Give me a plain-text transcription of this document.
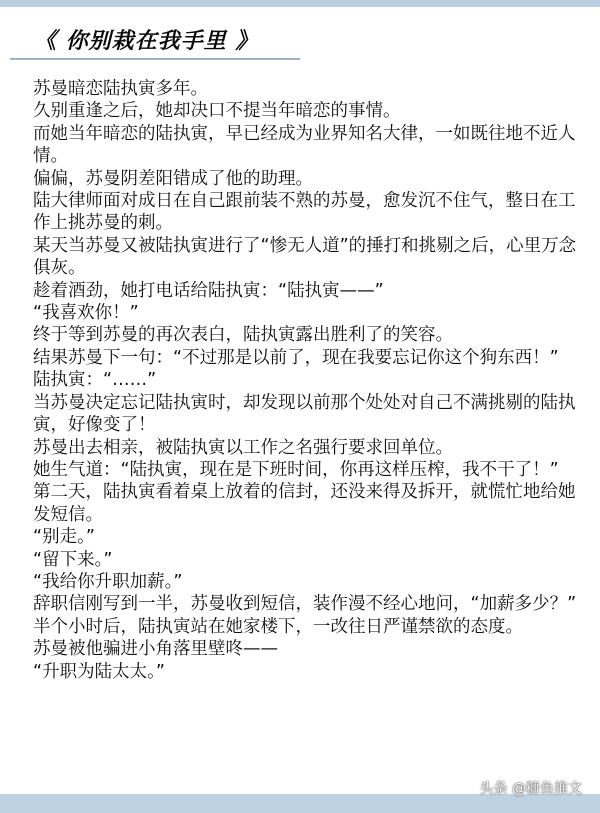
《 你别栽在我手里 》

苏曼暗恋陆执寅多年。

久别重逢之后，她却决口不提当年暗恋的事情。

而她当年暗恋的陆执寅，早已经成为业界知名大律，一如既往地不近人情。

偏偏，苏曼阴差阳错成了他的助理。

陆大律师面对成日在自己跟前装不熟的苏曼，愈发沉不住气，整日在工作上挑苏曼的刺。

某天当苏曼又被陆执寅进行了“惨无人道”的捶打和挑剔之后，心里万念俱灰。

趁着酒劲，她打电话给陆执寅：“陆执寅——”

“我喜欢你！”

终于等到苏曼的再次表白，陆执寅露出胜利了的笑容。

结果苏曼下一句：“不过那是以前了，现在我要忘记你这个狗东西！”

陆执寅：“……”

当苏曼决定忘记陆执寅时，却发现以前那个处处对自己不满挑剔的陆执寅，好像变了！

苏曼出去相亲，被陆执寅以工作之名强行要求回单位。

她生气道：“陆执寅，现在是下班时间，你再这样压榨，我不干了！”

第二天，陆执寅看着桌上放着的信封，还没来得及拆开，就慌忙地给她发短信。

“别走。”

“留下来。”

“我给你升职加薪。”

辞职信刚写到一半，苏曼收到短信，装作漫不经心地问，“加薪多少？”

半个小时后，陆执寅站在她家楼下，一改往日严谨禁欲的态度。

苏曼被他骗进小角落里壁咚——

“升职为陆太太。”

头条 @糖鱼推文
